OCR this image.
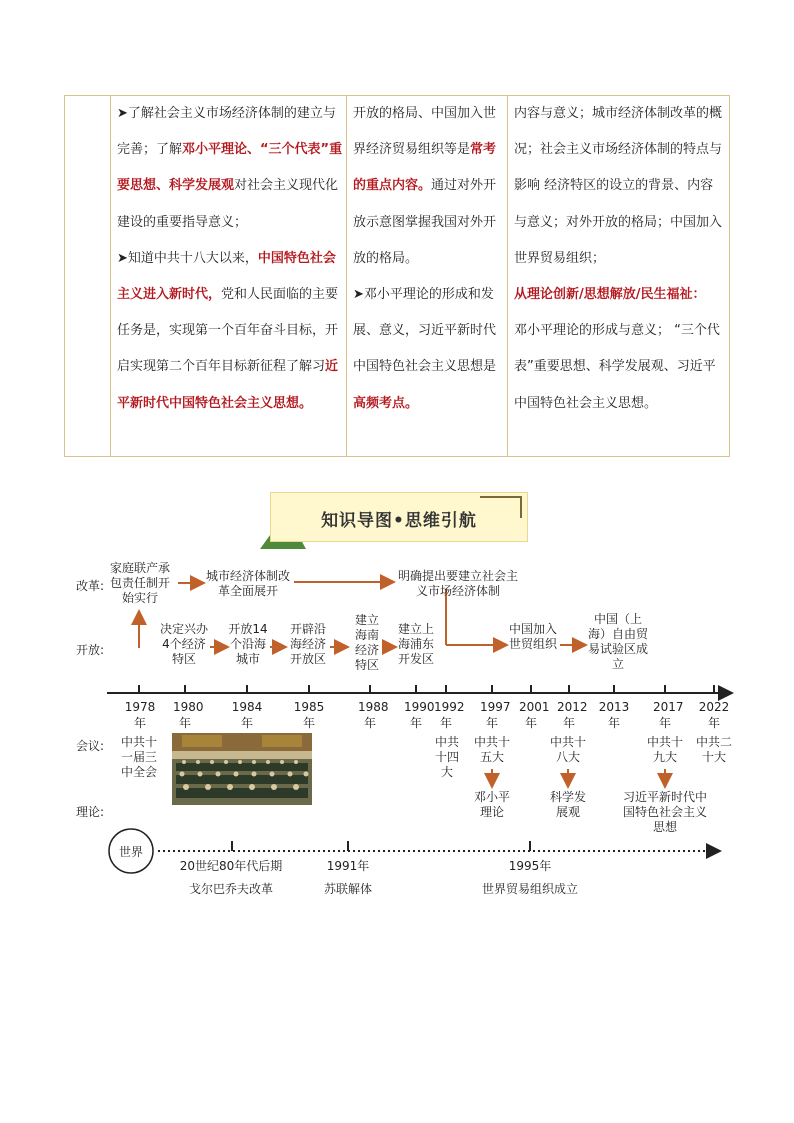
➤了解社会主义市场经济体制的建立与完善；了解邓小平理论、“三个代表”重要思想、科学发展观对社会主义现代化建设的重要指导意义；

➤知道中共十八大以来，中国特色社会主义进入新时代，党和人民面临的主要任务是，实现第一个百年奋斗目标，开启实现第二个百年目标新征程了解习近平新时代中国特色社会主义思想。

开放的格局、中国加入世界经济贸易组织等是常考的重点内容。通过对外开放示意图掌握我国对外开放的格局。

➤邓小平理论的形成和发展、意义，习近平新时代中国特色社会主义思想是高频考点。

内容与意义；城市经济体制改革的概况；社会主义市场经济体制的特点与影响 经济特区的设立的背景、内容与意义；对外开放的格局；中国加入世界贸易组织；

从理论创新/思想解放/民生福祉：

邓小平理论的形成与意义； “三个代表”重要思想、科学发展观、习近平中国特色社会主义思想。

知识导图•思维引航
改革:
开放:
会议:
理论:
家庭联产承包责任制开始实行
城市经济体制改革全面展开
明确提出要建立社会主义市场经济体制
决定兴办4个经济特区
开放14个沿海城市
开辟沿海经济开放区
建立海南经济特区
建立上海浦东开发区
中国加入世贸组织
中国（上海）自由贸易试验区成立
1978年
1980年
1984年
1985年
1988年
1990年
1992年
1997年
2001年
2012年
2013年
2017年
2022年
中共十一届三中全会
中共十四大
中共十五大
中共十八大
中共十九大
中共二十大
邓小平理论
科学发展观
习近平新时代中国特色社会主义思想
世界
20世纪80年代后期
戈尔巴乔夫改革
1991年
苏联解体
1995年
世界贸易组织成立
